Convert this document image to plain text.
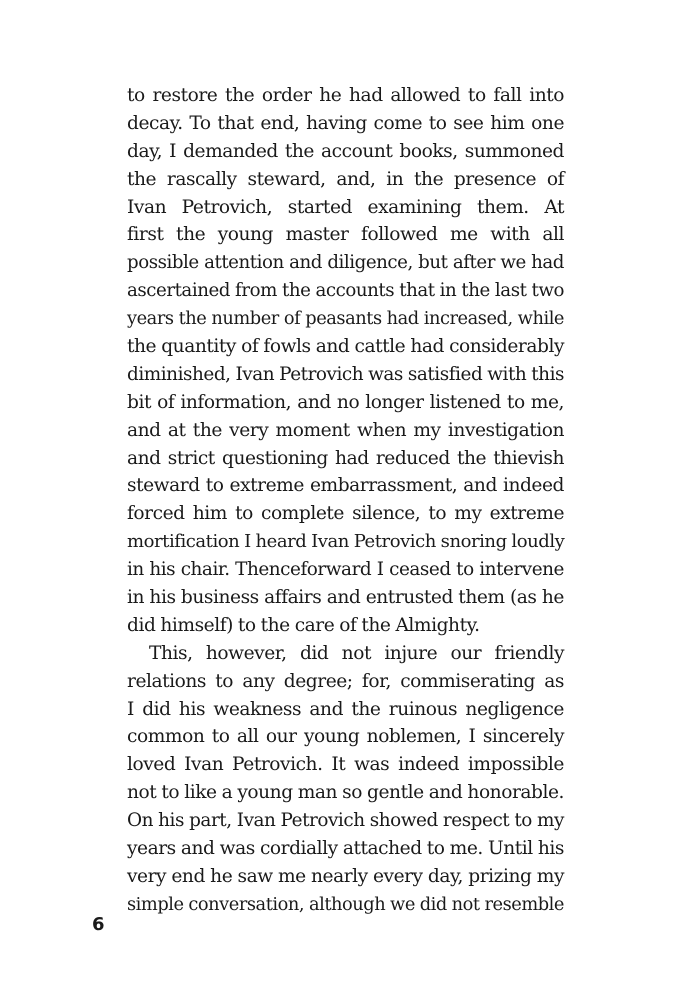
to restore the order he had allowed to fall into
decay. To that end, having come to see him one
day, I demanded the account books, summoned
the rascally steward, and, in the presence of
Ivan Petrovich, started examining them. At
first the young master followed me with all
possible attention and diligence, but after we had
ascertained from the accounts that in the last two
years the number of peasants had increased, while
the quantity of fowls and cattle had considerably
diminished, Ivan Petrovich was satisfied with this
bit of information, and no longer listened to me,
and at the very moment when my investigation
and strict questioning had reduced the thievish
steward to extreme embarrassment, and indeed
forced him to complete silence, to my extreme
mortification I heard Ivan Petrovich snoring loudly
in his chair. Thenceforward I ceased to intervene
in his business affairs and entrusted them (as he
did himself) to the care of the Almighty.
This, however, did not injure our friendly
relations to any degree; for, commiserating as
I did his weakness and the ruinous negligence
common to all our young noblemen, I sincerely
loved Ivan Petrovich. It was indeed impossible
not to like a young man so gentle and honorable.
On his part, Ivan Petrovich showed respect to my
years and was cordially attached to me. Until his
very end he saw me nearly every day, prizing my
simple conversation, although we did not resemble
6
